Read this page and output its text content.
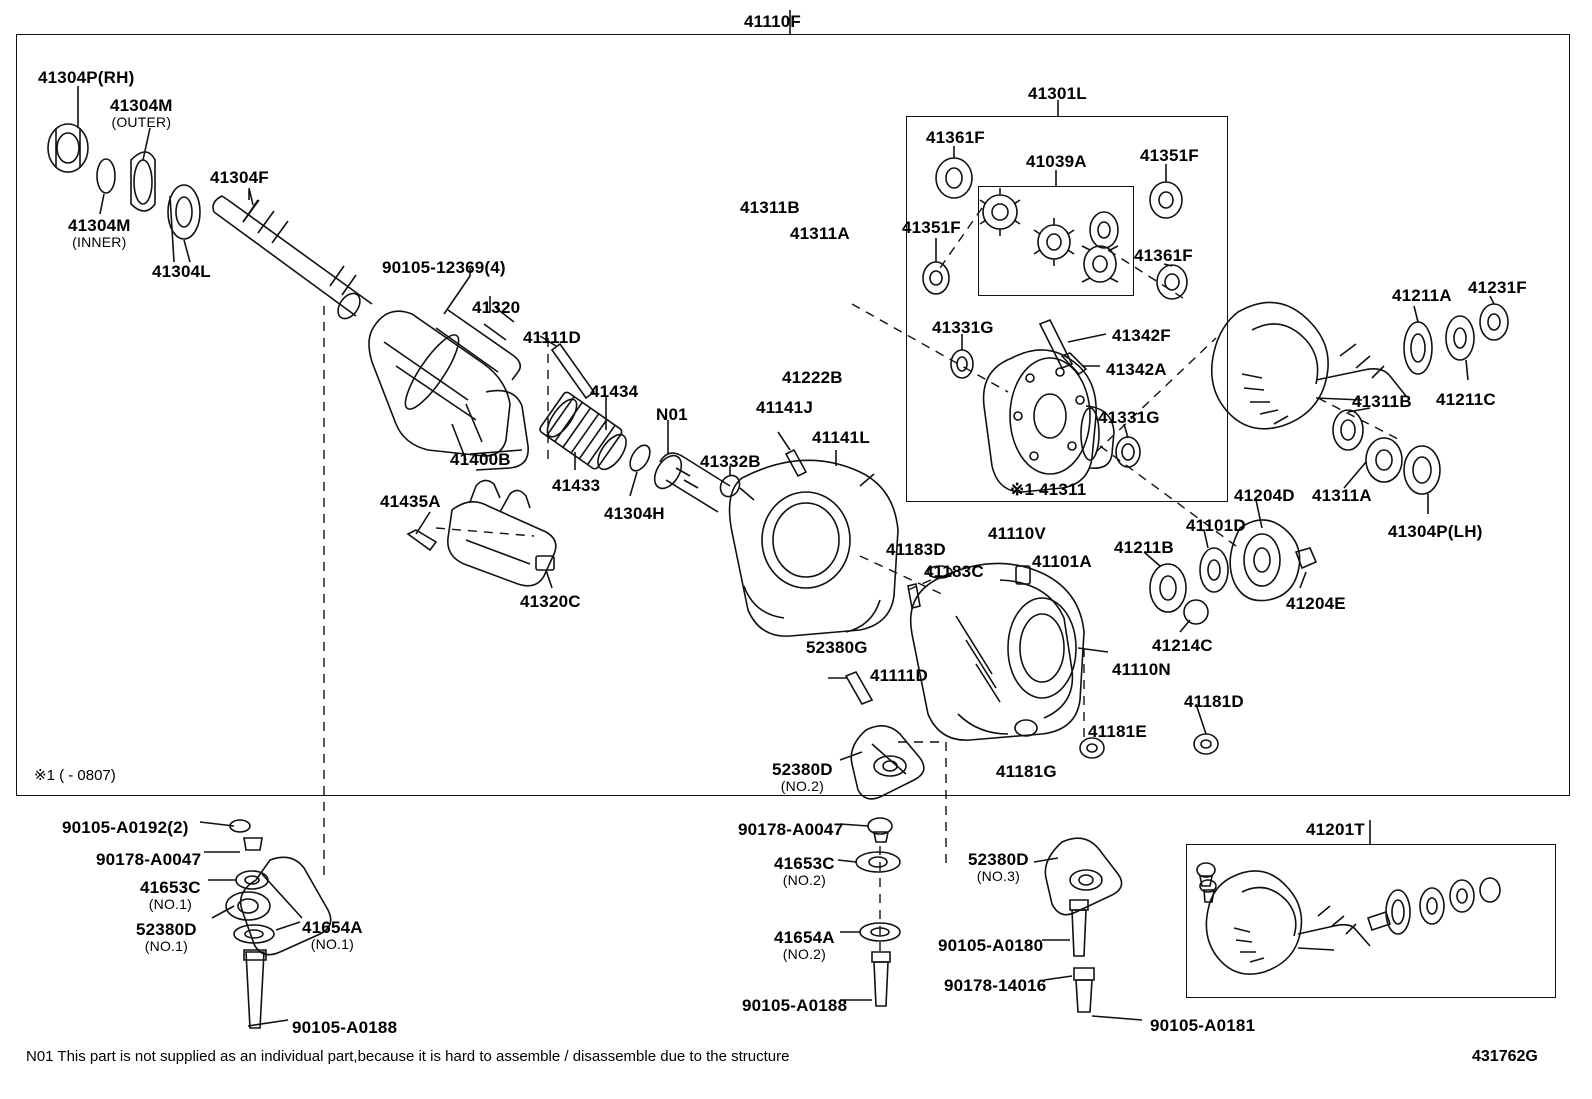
41110F
41304P(RH)
41304M
(OUTER)
41304M
(INNER)
41304L
41304F
90105-12369(4)
41320
41111D
41434
N01
41433
41400B
41435A
41320C
41304H
41332B
41141J
41141L
41311B
41311A
41222B
41301L
41361F
41039A	41351F
41351F
41361F
41331G	41342F
41342A
41331G
※1 41311
41211A 41231F
41311B 41211C
41311A
41304P(LH)
41204D
41101D
41211B
41101A
41110V
41183D
41183C
41204E
41214C
41110N
41181D
41181E
41181G
41111D
52380G
52380D
(NO.2)
90105-A0192(2)
90178-A0047
41653C
(NO.1)
52380D
(NO.1)
41654A
(NO.1)
90105-A0188
90178-A0047
41653C
(NO.2)
41654A
(NO.2)
90105-A0188
52380D
(NO.3)
90105-A0180
90178-14016
90105-A0181
41201T
※1 ( - 0807)
N01 This part is not supplied as an individual part,because it is hard to assemble / disassemble due to the structure	431762G
